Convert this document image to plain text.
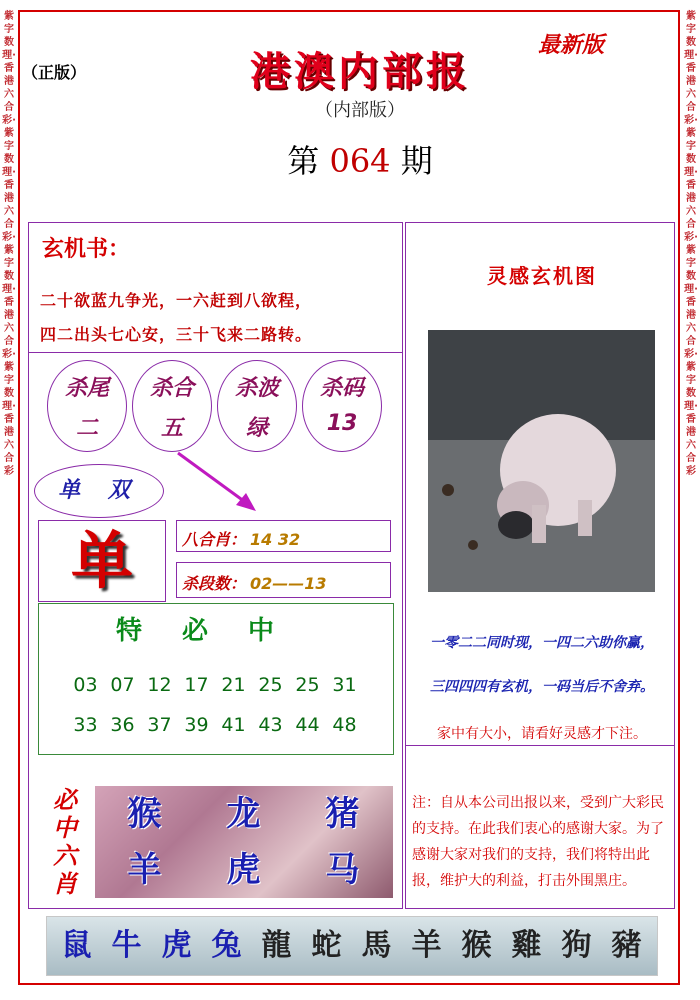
紫字数理·香港六合彩·紫字数理·香港六合彩·紫字数理·香港六合彩·紫字数理·香港六合彩
紫字数理·香港六合彩·紫字数理·香港六合彩·紫字数理·香港六合彩·紫字数理·香港六合彩
（正版）
最新版
港澳内部报
（内部版）
第 064 期
玄机书：
二十欲蓝九争光，一六赶到八欲程，
四二出头七心安，三十飞来二路转。
杀尾
二
杀合
五
杀波
绿
杀码
13
单 双
单	八合肖： 14 32
杀段数： 02——13
特必中
03 07 12 17 21 25 25 31
33 36 37 39 41 43 44 48
必中六肖
猴	龙	猪
羊	虎	马
灵感玄机图
一零二二同时现，一四二六助你赢，
三四四四有玄机，一码当后不舍弃。
家中有大小，请看好灵感才下注。
注：自从本公司出报以来，受到广大彩民的支持。在此我们衷心的感谢大家。为了感谢大家对我们的支持，我们将特出此报，维护大的利益，打击外围黑庄。
鼠 牛 虎 兔 龍 蛇 馬 羊 猴 雞 狗 豬
